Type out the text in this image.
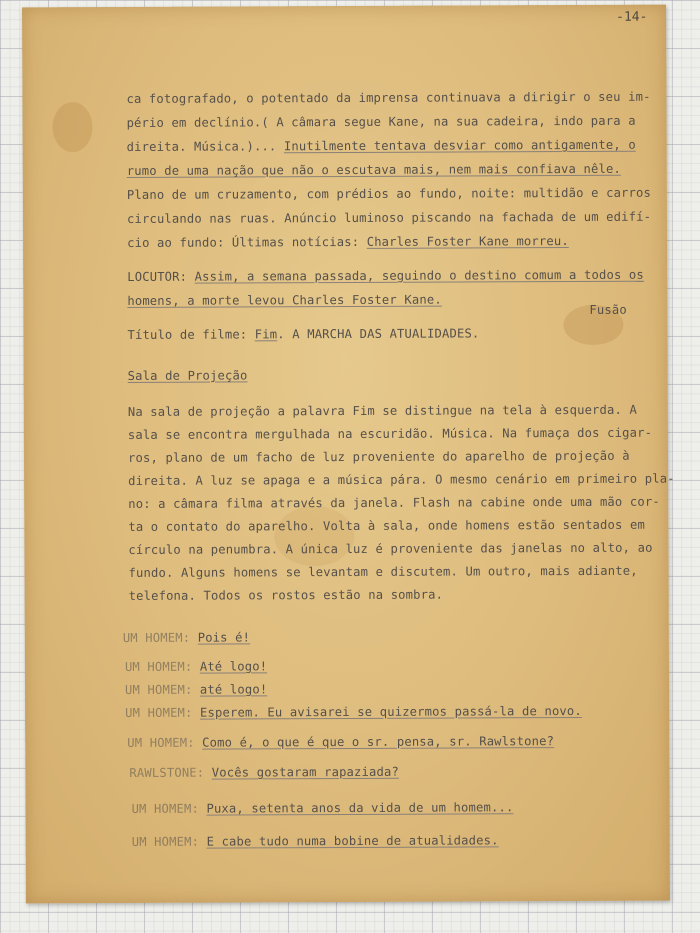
-14-

ca fotografado, o potentado da imprensa continuava a dirigir o seu im-

pério em declínio.( A câmara segue Kane, na sua cadeira, indo para a

direita. Música.)... Inutilmente tentava desviar como antigamente, o

rumo de uma nação que não o escutava mais, nem mais confiava nêle.

Plano de um cruzamento, com prédios ao fundo, noite: multidão e carros

circulando nas ruas. Anúncio luminoso piscando na fachada de um edifí-

cio ao fundo: Últimas notícias: Charles Foster Kane morreu.

LOCUTOR: Assim, a semana passada, seguindo o destino comum a todos os

homens, a morte levou Charles Foster Kane.

Fusão

Título de filme: Fim. A MARCHA DAS ATUALIDADES.

Sala de Projeção

Na sala de projeção a palavra Fim se distingue na tela à esquerda. A

sala se encontra mergulhada na escuridão. Música. Na fumaça dos cigar-

ros, plano de um facho de luz proveniente do aparelho de projeção à

direita. A luz se apaga e a música pára. O mesmo cenário em primeiro pla-

no: a câmara filma através da janela. Flash na cabine onde uma mão cor-

ta o contato do aparelho. Volta à sala, onde homens estão sentados em

círculo na penumbra. A única luz é proveniente das janelas no alto, ao

fundo. Alguns homens se levantam e discutem. Um outro, mais adiante,

telefona. Todos os rostos estão na sombra.

UM HOMEM: Pois é!

UM HOMEM: Até logo!

UM HOMEM: até logo!

UM HOMEM: Esperem. Eu avisarei se quizermos passá-la de novo.

UM HOMEM: Como é, o que é que o sr. pensa, sr. Rawlstone?

RAWLSTONE: Vocês gostaram rapaziada?

UM HOMEM: Puxa, setenta anos da vida de um homem...

UM HOMEM: E cabe tudo numa bobine de atualidades.
